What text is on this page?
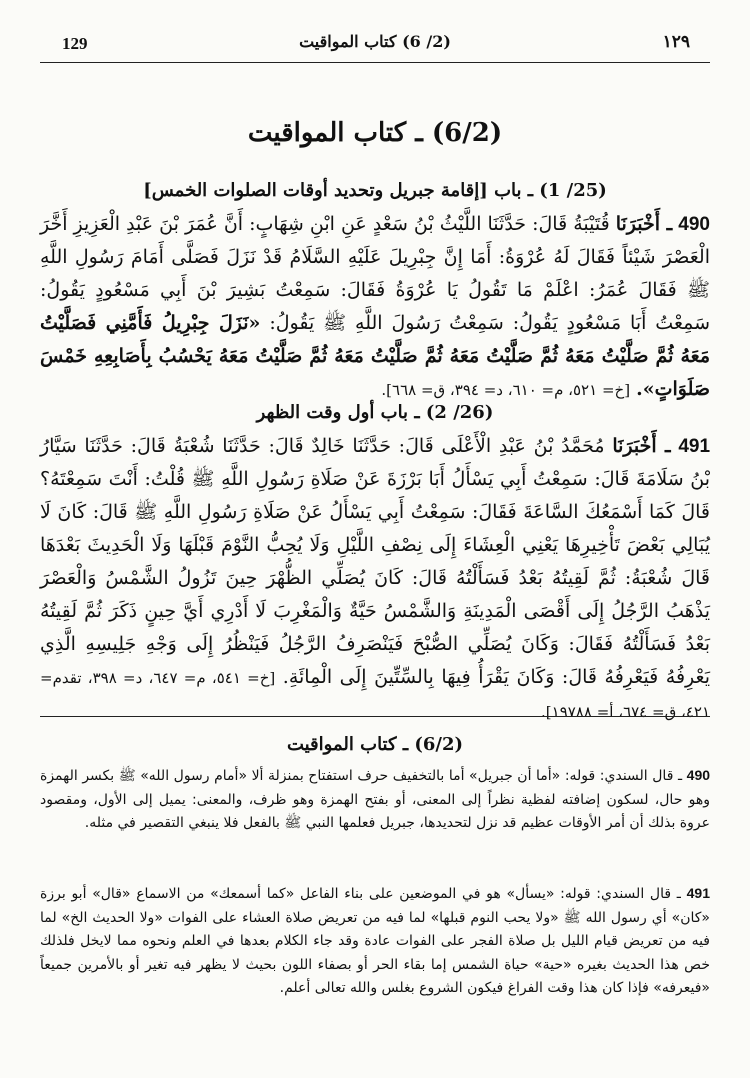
129	(2/ 6) كتاب المواقيت	١٢٩
(6/2) ـ كتاب المواقيت
(25/ 1) ـ باب [إقامة جبريل وتحديد أوقات الصلوات الخمس]
490 ـ أَخْبَرَنَا قُتَيْبَةُ قَالَ: حَدَّثَنَا اللَّيْثُ بْنُ سَعْدٍ عَنِ ابْنِ شِهَابٍ: أَنَّ عُمَرَ بْنَ عَبْدِ الْعَزِيزِ أَخَّرَ الْعَصْرَ شَيْئاً فَقَالَ لَهُ عُرْوَةُ: أَمَا إِنَّ جِبْرِيلَ عَلَيْهِ السَّلَامُ قَدْ نَزَلَ فَصَلَّى أَمَامَ رَسُولِ اللَّهِ ﷺ فَقَالَ عُمَرُ: اعْلَمْ مَا تَقُولُ يَا عُرْوَةُ فَقَالَ: سَمِعْتُ بَشِيرَ بْنَ أَبِي مَسْعُودٍ يَقُولُ: سَمِعْتُ أَبَا مَسْعُودٍ يَقُولُ: سَمِعْتُ رَسُولَ اللَّهِ ﷺ يَقُولُ: «نَزَلَ جِبْرِيلُ فَأَمَّنِي فَصَلَّيْتُ مَعَهُ ثُمَّ صَلَّيْتُ مَعَهُ ثُمَّ صَلَّيْتُ مَعَهُ ثُمَّ صَلَّيْتُ مَعَهُ ثُمَّ صَلَّيْتُ مَعَهُ يَحْسُبُ بِأَصَابِعِهِ خَمْسَ صَلَوَاتٍ». [خ= ٥٢١، م= ٦١٠، د= ٣٩٤، ق= ٦٦٨].
(26/ 2) ـ باب أول وقت الظهر
491 ـ أَخْبَرَنَا مُحَمَّدُ بْنُ عَبْدِ الْأَعْلَى قَالَ: حَدَّثَنَا خَالِدٌ قَالَ: حَدَّثَنَا شُعْبَةُ قَالَ: حَدَّثَنَا سَيَّارُ بْنُ سَلَامَةَ قَالَ: سَمِعْتُ أَبِي يَسْأَلُ أَبَا بَرْزَةَ عَنْ صَلَاةِ رَسُولِ اللَّهِ ﷺ قُلْتُ: أَنْتَ سَمِعْتَهُ؟ قَالَ كَمَا أَسْمَعُكَ السَّاعَةَ فَقَالَ: سَمِعْتُ أَبِي يَسْأَلُ عَنْ صَلَاةِ رَسُولِ اللَّهِ ﷺ قَالَ: كَانَ لَا يُبَالِي بَعْضَ تَأْخِيرِهَا يَعْنِي الْعِشَاءَ إِلَى نِصْفِ اللَّيْلِ وَلَا يُحِبُّ النَّوْمَ قَبْلَهَا وَلَا الْحَدِيثَ بَعْدَهَا قَالَ شُعْبَةُ: ثُمَّ لَقِيتُهُ بَعْدُ فَسَأَلْتُهُ قَالَ: كَانَ يُصَلِّي الظُّهْرَ حِينَ تَزُولُ الشَّمْسُ وَالْعَصْرَ يَذْهَبُ الرَّجُلُ إِلَى أَقْصَى الْمَدِينَةِ وَالشَّمْسُ حَيَّةٌ وَالْمَغْرِبَ لَا أَدْرِي أَيَّ حِينٍ ذَكَرَ ثُمَّ لَقِيتُهُ بَعْدُ فَسَأَلْتُهُ فَقَالَ: وَكَانَ يُصَلِّي الصُّبْحَ فَيَنْصَرِفُ الرَّجُلُ فَيَنْظُرُ إِلَى وَجْهِ جَلِيسِهِ الَّذِي يَعْرِفُهُ فَيَعْرِفُهُ قَالَ: وَكَانَ يَقْرَأُ فِيهَا بِالسِّتِّينَ إِلَى الْمِائَةِ. [خ= ٥٤١، م= ٦٤٧، د= ٣٩٨، تقدم= ٤٢١، ق= ٦٧٤، أ= ١٩٧٨٨].
(6/2) ـ كتاب المواقيت
490 ـ قال السندي: قوله: «أما أن جبريل» أما بالتخفيف حرف استفتاح بمنزلة ألا «أمام رسول الله» ﷺ بكسر الهمزة وهو حال، لسكون إضافته لفظية نظراً إلى المعنى، أو بفتح الهمزة وهو ظرف، والمعنى: يميل إلى الأول، ومقصود عروة بذلك أن أمر الأوقات عظيم قد نزل لتحديدها، جبريل فعلمها النبي ﷺ بالفعل فلا ينبغي التقصير في مثله.
491 ـ قال السندي: قوله: «يسأل» هو في الموضعين على بناء الفاعل «كما أسمعك» من الاسماع «قال» أبو برزة «كان» أي رسول الله ﷺ «ولا يحب النوم قبلها» لما فيه من تعريض صلاة العشاء على الفوات «ولا الحديث الخ» لما فيه من تعريض قيام الليل بل صلاة الفجر على الفوات عادة وقد جاء الكلام بعدها في العلم ونحوه مما لايخل فلذلك خص هذا الحديث بغيره «حية» حياة الشمس إما بقاء الحر أو بصفاء اللون بحيث لا يظهر فيه تغير أو بالأمرين جميعاً «فيعرفه» فإذا كان هذا وقت الفراغ فيكون الشروع بغلس والله تعالى أعلم.
